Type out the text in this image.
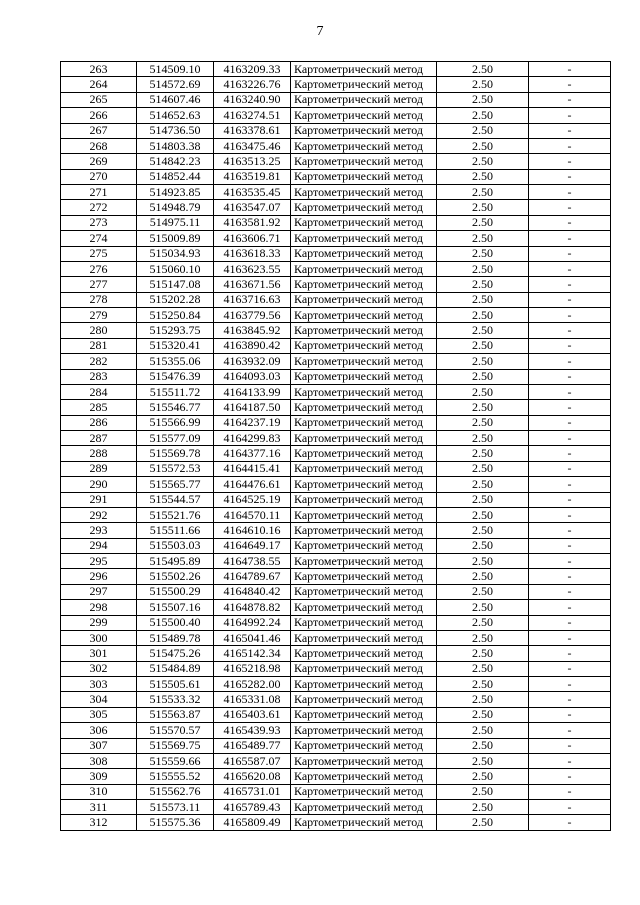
7
263	514509.10	4163209.33	Картометрический метод	2.50	-
264	514572.69	4163226.76	Картометрический метод	2.50	-
265	514607.46	4163240.90	Картометрический метод	2.50	-
266	514652.63	4163274.51	Картометрический метод	2.50	-
267	514736.50	4163378.61	Картометрический метод	2.50	-
268	514803.38	4163475.46	Картометрический метод	2.50	-
269	514842.23	4163513.25	Картометрический метод	2.50	-
270	514852.44	4163519.81	Картометрический метод	2.50	-
271	514923.85	4163535.45	Картометрический метод	2.50	-
272	514948.79	4163547.07	Картометрический метод	2.50	-
273	514975.11	4163581.92	Картометрический метод	2.50	-
274	515009.89	4163606.71	Картометрический метод	2.50	-
275	515034.93	4163618.33	Картометрический метод	2.50	-
276	515060.10	4163623.55	Картометрический метод	2.50	-
277	515147.08	4163671.56	Картометрический метод	2.50	-
278	515202.28	4163716.63	Картометрический метод	2.50	-
279	515250.84	4163779.56	Картометрический метод	2.50	-
280	515293.75	4163845.92	Картометрический метод	2.50	-
281	515320.41	4163890.42	Картометрический метод	2.50	-
282	515355.06	4163932.09	Картометрический метод	2.50	-
283	515476.39	4164093.03	Картометрический метод	2.50	-
284	515511.72	4164133.99	Картометрический метод	2.50	-
285	515546.77	4164187.50	Картометрический метод	2.50	-
286	515566.99	4164237.19	Картометрический метод	2.50	-
287	515577.09	4164299.83	Картометрический метод	2.50	-
288	515569.78	4164377.16	Картометрический метод	2.50	-
289	515572.53	4164415.41	Картометрический метод	2.50	-
290	515565.77	4164476.61	Картометрический метод	2.50	-
291	515544.57	4164525.19	Картометрический метод	2.50	-
292	515521.76	4164570.11	Картометрический метод	2.50	-
293	515511.66	4164610.16	Картометрический метод	2.50	-
294	515503.03	4164649.17	Картометрический метод	2.50	-
295	515495.89	4164738.55	Картометрический метод	2.50	-
296	515502.26	4164789.67	Картометрический метод	2.50	-
297	515500.29	4164840.42	Картометрический метод	2.50	-
298	515507.16	4164878.82	Картометрический метод	2.50	-
299	515500.40	4164992.24	Картометрический метод	2.50	-
300	515489.78	4165041.46	Картометрический метод	2.50	-
301	515475.26	4165142.34	Картометрический метод	2.50	-
302	515484.89	4165218.98	Картометрический метод	2.50	-
303	515505.61	4165282.00	Картометрический метод	2.50	-
304	515533.32	4165331.08	Картометрический метод	2.50	-
305	515563.87	4165403.61	Картометрический метод	2.50	-
306	515570.57	4165439.93	Картометрический метод	2.50	-
307	515569.75	4165489.77	Картометрический метод	2.50	-
308	515559.66	4165587.07	Картометрический метод	2.50	-
309	515555.52	4165620.08	Картометрический метод	2.50	-
310	515562.76	4165731.01	Картометрический метод	2.50	-
311	515573.11	4165789.43	Картометрический метод	2.50	-
312	515575.36	4165809.49	Картометрический метод	2.50	-
